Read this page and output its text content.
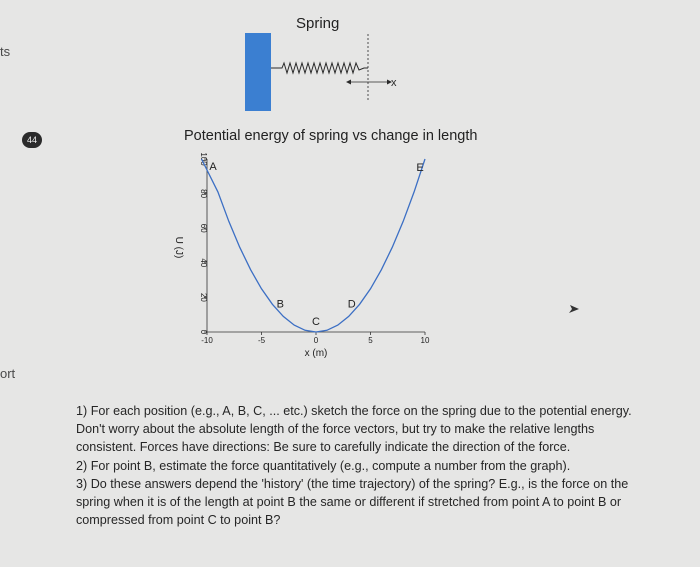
ts
ort
44
Spring
x
Potential energy of spring vs change in length
0
20
40
60
80
100
-10	-5	0	5	10
A
B
C
D
E
x (m)
U (J)

1) For each position (e.g., A, B, C, ... etc.) sketch the force on the spring due to the potential energy. Don't worry about the absolute length of the force vectors, but try to make the relative lengths consistent. Forces have directions: Be sure to carefully indicate the direction of the force.

2) For point B, estimate the force quantitatively (e.g., compute a number from the graph).

3) Do these answers depend the 'history' (the time trajectory) of the spring? E.g., is the force on the spring when it is of the length at point B the same or different if stretched from point A to point B or compressed from point C to point B?
